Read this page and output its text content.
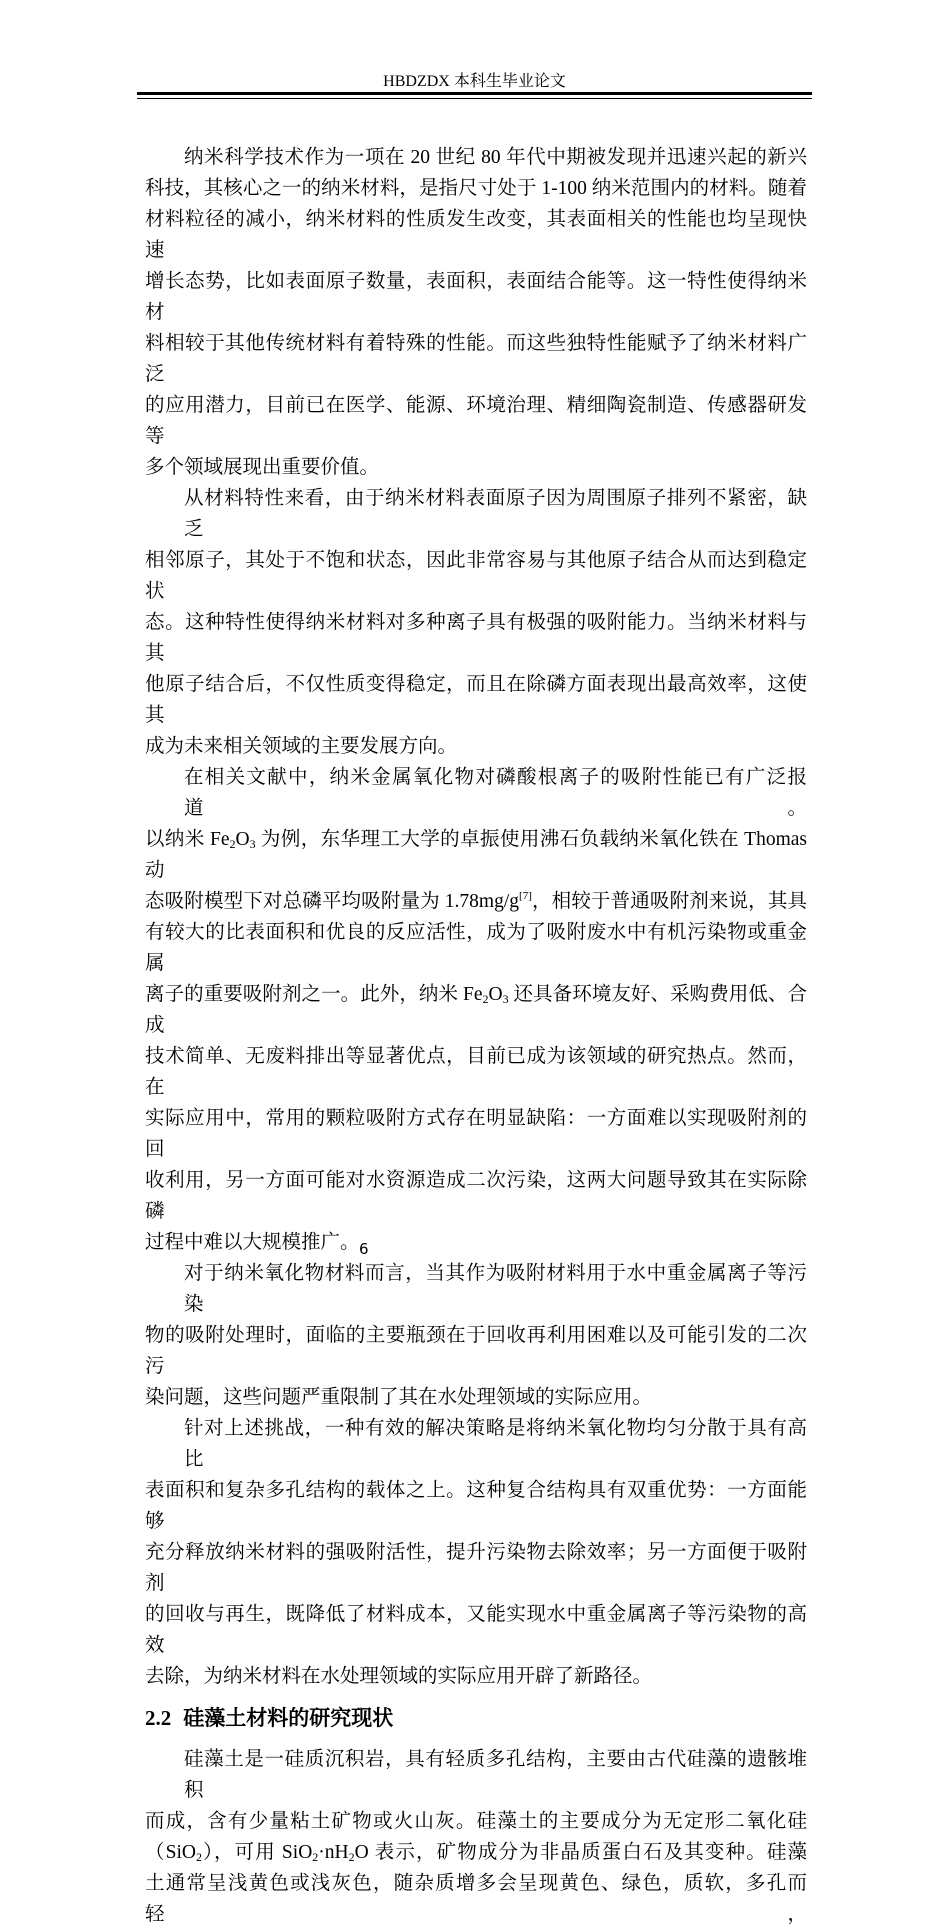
HBDZDX 本科生毕业论文
纳米科学技术作为一项在 20 世纪 80 年代中期被发现并迅速兴起的新兴
科技，其核心之一的纳米材料，是指尺寸处于 1-100 纳米范围内的材料。随着
材料粒径的减小，纳米材料的性质发生改变，其表面相关的性能也均呈现快速
增长态势，比如表面原子数量，表面积，表面结合能等。这一特性使得纳米材
料相较于其他传统材料有着特殊的性能。而这些独特性能赋予了纳米材料广泛
的应用潜力，目前已在医学、能源、环境治理、精细陶瓷制造、传感器研发等
多个领域展现出重要价值。
从材料特性来看，由于纳米材料表面原子因为周围原子排列不紧密，缺乏
相邻原子，其处于不饱和状态，因此非常容易与其他原子结合从而达到稳定状
态。这种特性使得纳米材料对多种离子具有极强的吸附能力。当纳米材料与其
他原子结合后，不仅性质变得稳定，而且在除磷方面表现出最高效率，这使其
成为未来相关领域的主要发展方向。
在相关文献中，纳米金属氧化物对磷酸根离子的吸附性能已有广泛报道。
以纳米 $Fe_2O_3$ 为例，东华理工大学的卓振使用沸石负载纳米氧化铁在 Thomas 动
态吸附模型下对总磷平均吸附量为 1.78mg/g[7]，相较于普通吸附剂来说，其具
有较大的比表面积和优良的反应活性，成为了吸附废水中有机污染物或重金属
离子的重要吸附剂之一。此外，纳米 $Fe_2O_3$ 还具备环境友好、采购费用低、合成
技术简单、无废料排出等显著优点，目前已成为该领域的研究热点。然而，在
实际应用中，常用的颗粒吸附方式存在明显缺陷：一方面难以实现吸附剂的回
收利用，另一方面可能对水资源造成二次污染，这两大问题导致其在实际除磷
过程中难以大规模推广。
对于纳米氧化物材料而言，当其作为吸附材料用于水中重金属离子等污染
物的吸附处理时，面临的主要瓶颈在于回收再利用困难以及可能引发的二次污
染问题，这些问题严重限制了其在水处理领域的实际应用。
针对上述挑战，一种有效的解决策略是将纳米氧化物均匀分散于具有高比
表面积和复杂多孔结构的载体之上。这种复合结构具有双重优势：一方面能够
充分释放纳米材料的强吸附活性，提升污染物去除效率；另一方面便于吸附剂
的回收与再生，既降低了材料成本，又能实现水中重金属离子等污染物的高效
去除，为纳米材料在水处理领域的实际应用开辟了新路径。
2.2 硅藻土材料的研究现状
硅藻土是一硅质沉积岩，具有轻质多孔结构，主要由古代硅藻的遗骸堆积
而成，含有少量粘土矿物或火山灰。硅藻土的主要成分为无定形二氧化硅
（SiO$_2$），可用 $SiO_2\cdot nH_2O$ 表示，矿物成分为非晶质蛋白石及其变种。硅藻
土通常呈浅黄色或浅灰色，随杂质增多会呈现黄色、绿色，质软，多孔而轻，
6
